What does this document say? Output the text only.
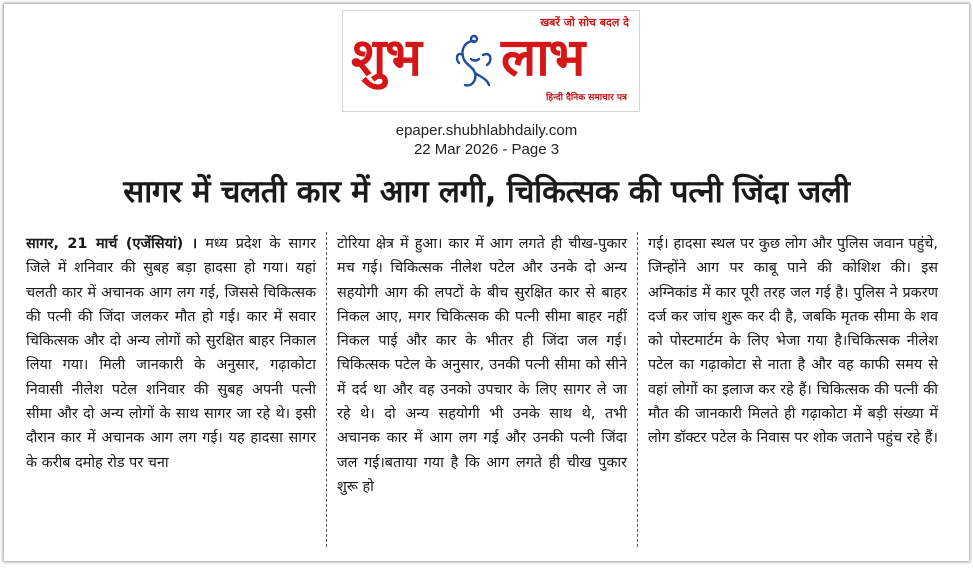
खबरें जो सोच बदल दे
शुभ लाभ
हिन्दी दैनिक समाचार पत्र
epaper.shubhlabhdaily.com
22 Mar 2026 - Page 3
सागर में चलती कार में आग लगी, चिकित्सक की पत्नी जिंदा जली

सागर, 21 मार्च (एजेंसियां) । मध्य प्रदेश के सागर जिले में शनिवार की सुबह बड़ा हादसा हो गया। यहां चलती कार में अचानक आग लग गई, जिससे चिकित्सक की पत्नी की जिंदा जलकर मौत हो गई। कार में सवार चिकित्सक और दो अन्य लोगों को सुरक्षित बाहर निकाल लिया गया। मिली जानकारी के अनुसार, गढ़ाकोटा निवासी नीलेश पटेल शनिवार की सुबह अपनी पत्नी सीमा और दो अन्य लोगों के साथ सागर जा रहे थे। इसी दौरान कार में अचानक आग लग गई। यह हादसा सागर के करीब दमोह रोड पर चना

टोरिया क्षेत्र में हुआ। कार में आग लगते ही चीख-पुकार मच गई। चिकित्सक नीलेश पटेल और उनके दो अन्य सहयोगी आग की लपटों के बीच सुरक्षित कार से बाहर निकल आए, मगर चिकित्सक की पत्नी सीमा बाहर नहीं निकल पाई और कार के भीतर ही जिंदा जल गई।चिकित्सक पटेल के अनुसार, उनकी पत्नी सीमा को सीने में दर्द था और वह उनको उपचार के लिए सागर ले जा रहे थे। दो अन्य सहयोगी भी उनके साथ थे, तभी अचानक कार में आग लग गई और उनकी पत्नी जिंदा जल गई।बताया गया है कि आग लगते ही चीख पुकार शुरू हो

गई। हादसा स्थल पर कुछ लोग और पुलिस जवान पहुंचे, जिन्होंने आग पर काबू पाने की कोशिश की। इस अग्निकांड में कार पूरी तरह जल गई है। पुलिस ने प्रकरण दर्ज कर जांच शुरू कर दी है, जबकि मृतक सीमा के शव को पोस्टमार्टम के लिए भेजा गया है।चिकित्सक नीलेश पटेल का गढ़ाकोटा से नाता है और वह काफी समय से वहां लोगों का इलाज कर रहे हैं। चिकित्सक की पत्नी की मौत की जानकारी मिलते ही गढ़ाकोटा में बड़ी संख्या में लोग डॉक्टर पटेल के निवास पर शोक जताने पहुंच रहे हैं।
